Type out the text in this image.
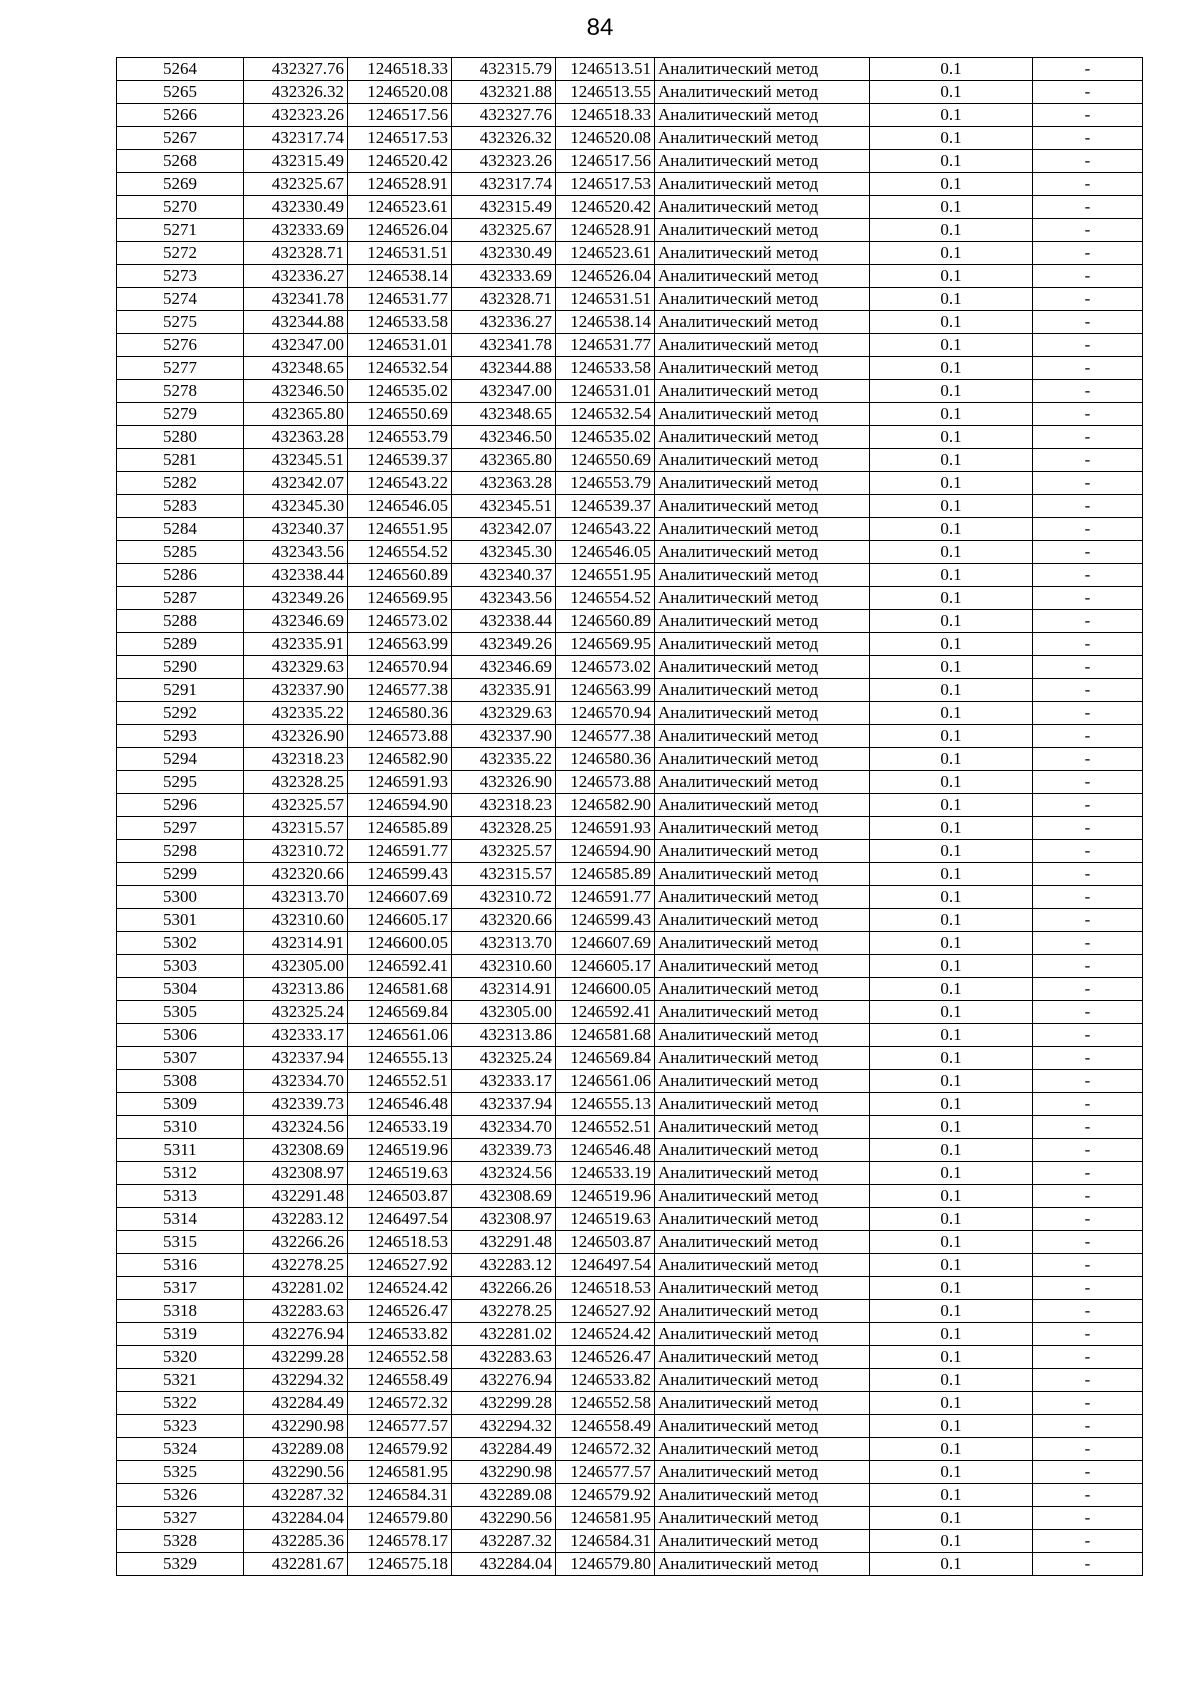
84
5264	432327.76	1246518.33	432315.79	1246513.51	Аналитический метод	0.1	-
5265	432326.32	1246520.08	432321.88	1246513.55	Аналитический метод	0.1	-
5266	432323.26	1246517.56	432327.76	1246518.33	Аналитический метод	0.1	-
5267	432317.74	1246517.53	432326.32	1246520.08	Аналитический метод	0.1	-
5268	432315.49	1246520.42	432323.26	1246517.56	Аналитический метод	0.1	-
5269	432325.67	1246528.91	432317.74	1246517.53	Аналитический метод	0.1	-
5270	432330.49	1246523.61	432315.49	1246520.42	Аналитический метод	0.1	-
5271	432333.69	1246526.04	432325.67	1246528.91	Аналитический метод	0.1	-
5272	432328.71	1246531.51	432330.49	1246523.61	Аналитический метод	0.1	-
5273	432336.27	1246538.14	432333.69	1246526.04	Аналитический метод	0.1	-
5274	432341.78	1246531.77	432328.71	1246531.51	Аналитический метод	0.1	-
5275	432344.88	1246533.58	432336.27	1246538.14	Аналитический метод	0.1	-
5276	432347.00	1246531.01	432341.78	1246531.77	Аналитический метод	0.1	-
5277	432348.65	1246532.54	432344.88	1246533.58	Аналитический метод	0.1	-
5278	432346.50	1246535.02	432347.00	1246531.01	Аналитический метод	0.1	-
5279	432365.80	1246550.69	432348.65	1246532.54	Аналитический метод	0.1	-
5280	432363.28	1246553.79	432346.50	1246535.02	Аналитический метод	0.1	-
5281	432345.51	1246539.37	432365.80	1246550.69	Аналитический метод	0.1	-
5282	432342.07	1246543.22	432363.28	1246553.79	Аналитический метод	0.1	-
5283	432345.30	1246546.05	432345.51	1246539.37	Аналитический метод	0.1	-
5284	432340.37	1246551.95	432342.07	1246543.22	Аналитический метод	0.1	-
5285	432343.56	1246554.52	432345.30	1246546.05	Аналитический метод	0.1	-
5286	432338.44	1246560.89	432340.37	1246551.95	Аналитический метод	0.1	-
5287	432349.26	1246569.95	432343.56	1246554.52	Аналитический метод	0.1	-
5288	432346.69	1246573.02	432338.44	1246560.89	Аналитический метод	0.1	-
5289	432335.91	1246563.99	432349.26	1246569.95	Аналитический метод	0.1	-
5290	432329.63	1246570.94	432346.69	1246573.02	Аналитический метод	0.1	-
5291	432337.90	1246577.38	432335.91	1246563.99	Аналитический метод	0.1	-
5292	432335.22	1246580.36	432329.63	1246570.94	Аналитический метод	0.1	-
5293	432326.90	1246573.88	432337.90	1246577.38	Аналитический метод	0.1	-
5294	432318.23	1246582.90	432335.22	1246580.36	Аналитический метод	0.1	-
5295	432328.25	1246591.93	432326.90	1246573.88	Аналитический метод	0.1	-
5296	432325.57	1246594.90	432318.23	1246582.90	Аналитический метод	0.1	-
5297	432315.57	1246585.89	432328.25	1246591.93	Аналитический метод	0.1	-
5298	432310.72	1246591.77	432325.57	1246594.90	Аналитический метод	0.1	-
5299	432320.66	1246599.43	432315.57	1246585.89	Аналитический метод	0.1	-
5300	432313.70	1246607.69	432310.72	1246591.77	Аналитический метод	0.1	-
5301	432310.60	1246605.17	432320.66	1246599.43	Аналитический метод	0.1	-
5302	432314.91	1246600.05	432313.70	1246607.69	Аналитический метод	0.1	-
5303	432305.00	1246592.41	432310.60	1246605.17	Аналитический метод	0.1	-
5304	432313.86	1246581.68	432314.91	1246600.05	Аналитический метод	0.1	-
5305	432325.24	1246569.84	432305.00	1246592.41	Аналитический метод	0.1	-
5306	432333.17	1246561.06	432313.86	1246581.68	Аналитический метод	0.1	-
5307	432337.94	1246555.13	432325.24	1246569.84	Аналитический метод	0.1	-
5308	432334.70	1246552.51	432333.17	1246561.06	Аналитический метод	0.1	-
5309	432339.73	1246546.48	432337.94	1246555.13	Аналитический метод	0.1	-
5310	432324.56	1246533.19	432334.70	1246552.51	Аналитический метод	0.1	-
5311	432308.69	1246519.96	432339.73	1246546.48	Аналитический метод	0.1	-
5312	432308.97	1246519.63	432324.56	1246533.19	Аналитический метод	0.1	-
5313	432291.48	1246503.87	432308.69	1246519.96	Аналитический метод	0.1	-
5314	432283.12	1246497.54	432308.97	1246519.63	Аналитический метод	0.1	-
5315	432266.26	1246518.53	432291.48	1246503.87	Аналитический метод	0.1	-
5316	432278.25	1246527.92	432283.12	1246497.54	Аналитический метод	0.1	-
5317	432281.02	1246524.42	432266.26	1246518.53	Аналитический метод	0.1	-
5318	432283.63	1246526.47	432278.25	1246527.92	Аналитический метод	0.1	-
5319	432276.94	1246533.82	432281.02	1246524.42	Аналитический метод	0.1	-
5320	432299.28	1246552.58	432283.63	1246526.47	Аналитический метод	0.1	-
5321	432294.32	1246558.49	432276.94	1246533.82	Аналитический метод	0.1	-
5322	432284.49	1246572.32	432299.28	1246552.58	Аналитический метод	0.1	-
5323	432290.98	1246577.57	432294.32	1246558.49	Аналитический метод	0.1	-
5324	432289.08	1246579.92	432284.49	1246572.32	Аналитический метод	0.1	-
5325	432290.56	1246581.95	432290.98	1246577.57	Аналитический метод	0.1	-
5326	432287.32	1246584.31	432289.08	1246579.92	Аналитический метод	0.1	-
5327	432284.04	1246579.80	432290.56	1246581.95	Аналитический метод	0.1	-
5328	432285.36	1246578.17	432287.32	1246584.31	Аналитический метод	0.1	-
5329	432281.67	1246575.18	432284.04	1246579.80	Аналитический метод	0.1	-
